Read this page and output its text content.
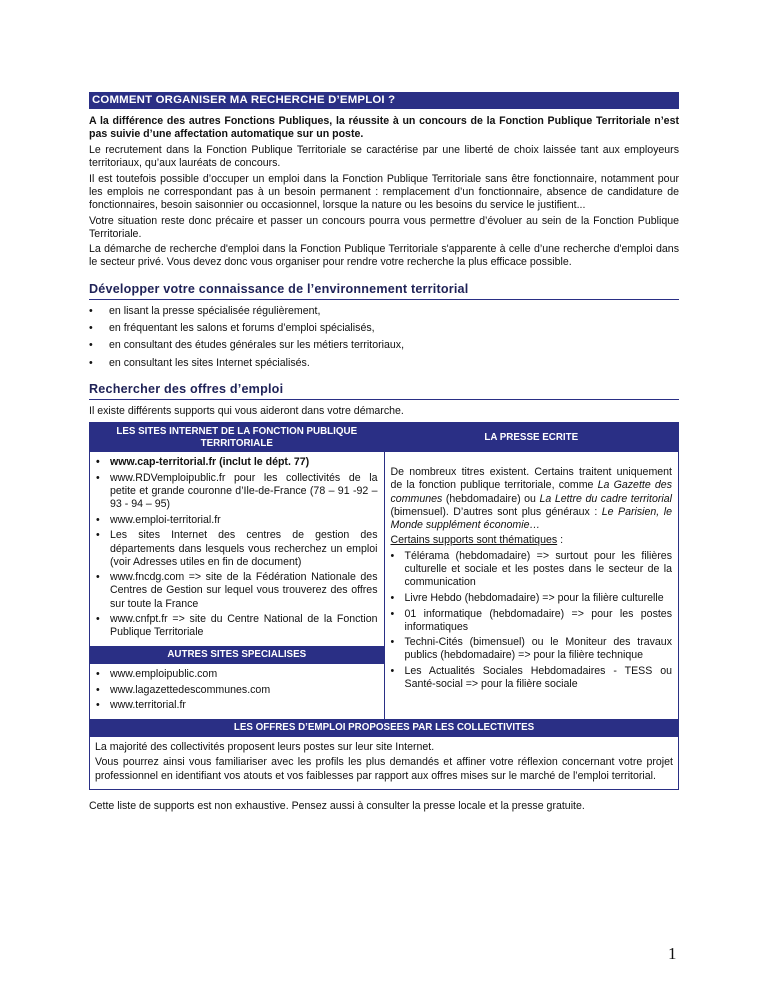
COMMENT ORGANISER MA RECHERCHE D’EMPLOI ?

A la différence des autres Fonctions Publiques, la réussite à un concours de la Fonction Publique Territoriale n’est pas suivie d’une affectation automatique sur un poste.

Le recrutement dans la Fonction Publique Territoriale se caractérise par une liberté de choix laissée tant aux employeurs territoriaux, qu’aux lauréats de concours.

Il est toutefois possible d’occuper un emploi dans la Fonction Publique Territoriale sans être fonctionnaire, notamment pour les emplois ne correspondant pas à un besoin permanent : remplacement d’un fonctionnaire, absence de candidature de fonctionnaires, besoin saisonnier ou occasionnel, lorsque la nature ou les besoins du service le justifient...

Votre situation reste donc précaire et passer un concours pourra vous permettre d’évoluer au sein de la Fonction Publique Territoriale.

La démarche de recherche d'emploi dans la Fonction Publique Territoriale s'apparente à celle d’une recherche d'emploi dans le secteur privé. Vous devez donc vous organiser pour rendre votre recherche la plus efficace possible.

Développer votre connaissance de l’environnement territorial
• en lisant la presse spécialisée régulièrement,
• en fréquentant les salons et forums d’emploi spécialisés,
• en consultant des études générales sur les métiers territoriaux,
• en consultant les sites Internet spécialisés.
Rechercher des offres d’emploi

Il existe différents supports qui vous aideront dans votre démarche.

LES SITES INTERNET DE LA FONCTION PUBLIQUE TERRITORIALE
• www.cap-territorial.fr (inclut le dépt. 77)
• www.RDVemploipublic.fr pour les collectivités de la petite et grande couronne d’Ile-de-France (78 – 91 -92 – 93 - 94 – 95)
• www.emploi-territorial.fr
• Les sites Internet des centres de gestion des départements dans lesquels vous recherchez un emploi (voir Adresses utiles en fin de document)
• www.fncdg.com => site de la Fédération Nationale des Centres de Gestion sur lequel vous trouverez des offres sur toute la France
• www.cnfpt.fr => site du Centre National de la Fonction Publique Territoriale
AUTRES SITES SPECIALISES
• www.emploipublic.com
• www.lagazettedescommunes.com
• www.territorial.fr
LA PRESSE ECRITE

De nombreux titres existent. Certains traitent uniquement de la fonction publique territoriale, comme La Gazette des communes (hebdomadaire) ou La Lettre du cadre territorial (bimensuel). D’autres sont plus généraux : Le Parisien, le Monde supplément économie…

Certains supports sont thématiques :

• Télérama (hebdomadaire) => surtout pour les filières culturelle et sociale et les postes dans le secteur de la communication
• Livre Hebdo (hebdomadaire) => pour la filière culturelle
• 01 informatique (hebdomadaire) => pour les postes informatiques
• Techni-Cités (bimensuel) ou le Moniteur des travaux publics (hebdomadaire) => pour la filière technique
• Les Actualités Sociales Hebdomadaires - TESS ou Santé-social => pour la filière sociale
LES OFFRES D’EMPLOI PROPOSEES PAR LES COLLECTIVITES

La majorité des collectivités proposent leurs postes sur leur site Internet.

Vous pourrez ainsi vous familiariser avec les profils les plus demandés et affiner votre réflexion concernant votre projet professionnel en identifiant vos atouts et vos faiblesses par rapport aux offres mises sur le marché de l’emploi territorial.

Cette liste de supports est non exhaustive. Pensez aussi à consulter la presse locale et la presse gratuite.

1
